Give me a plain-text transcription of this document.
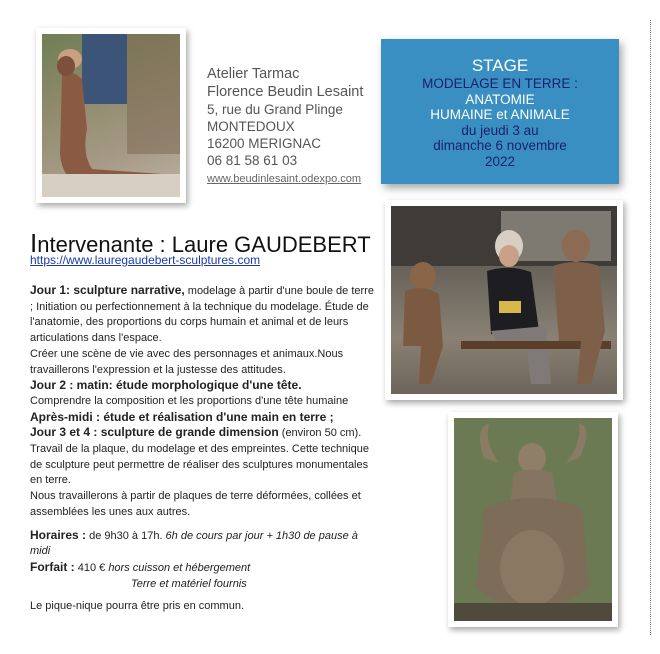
Atelier Tarmac
Florence Beudin Lesaint
5, rue du Grand Plinge
MONTEDOUX
16200 MERIGNAC
06 81 58 61 03
www.beudinlesaint.odexpo.com
STAGE
MODELAGE EN TERRE :
ANATOMIE
HUMAINE et ANIMALE
du jeudi 3 au
dimanche 6 novembre
2022
Intervenante : Laure GAUDEBERT
https://www.lauregaudebert-sculptures.com

Jour 1: sculpture narrative, modelage à partir d'une boule de terre ; Initiation ou perfectionnement à la technique du modelage. Étude de l'anatomie, des proportions du corps humain et animal et de leurs articulations dans l'espace.

Créer une scène de vie avec des personnages et animaux.Nous travaillerons l'expression et la justesse des attitudes.

Jour 2 : matin: étude morphologique d'une tête.

Comprendre la composition et les proportions d'une tête humaine

Après-midi : étude et réalisation d'une main en terre ;

Jour 3 et 4 : sculpture de grande dimension (environ 50 cm). Travail de la plaque, du modelage et des empreintes. Cette technique de sculpture peut permettre de réaliser des sculptures monumentales en terre.

Nous travaillerons à partir de plaques de terre déformées, collées et assemblées les unes aux autres.

Horaires : de 9h30 à 17h. 6h de cours par jour + 1h30 de pause à midi

Forfait : 410 € hors cuisson et hébergement

Terre et matériel fournis

Le pique-nique pourra être pris en commun.
